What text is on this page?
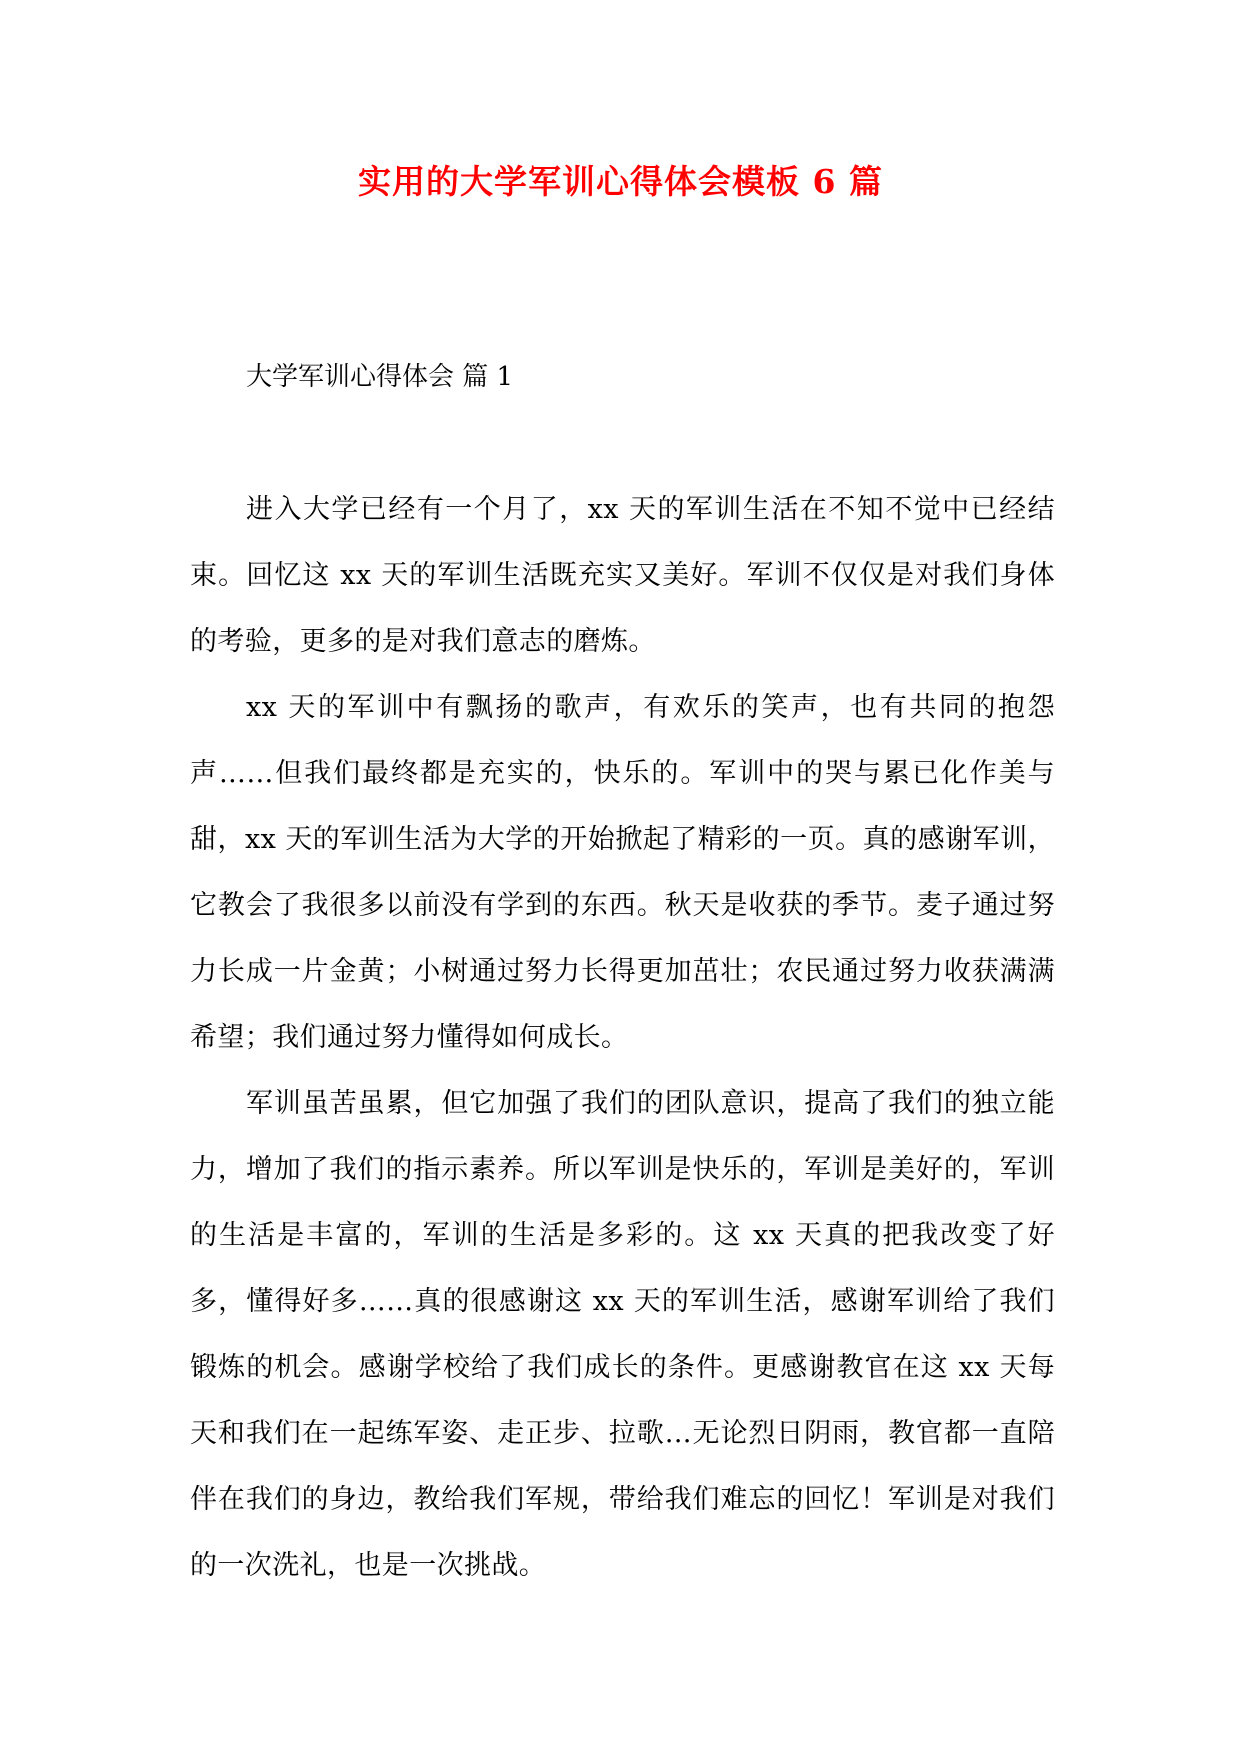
实用的大学军训心得体会模板 6 篇
大学军训心得体会 篇 1

进入大学已经有一个月了，xx 天的军训生活在不知不觉中已经结束。回忆这 xx 天的军训生活既充实又美好。军训不仅仅是对我们身体的考验，更多的是对我们意志的磨炼。

xx 天的军训中有飘扬的歌声，有欢乐的笑声，也有共同的抱怨声……但我们最终都是充实的，快乐的。军训中的哭与累已化作美与甜，xx 天的军训生活为大学的开始掀起了精彩的一页。真的感谢军训，它教会了我很多以前没有学到的东西。秋天是收获的季节。麦子通过努力长成一片金黄；小树通过努力长得更加茁壮；农民通过努力收获满满希望；我们通过努力懂得如何成长。

军训虽苦虽累，但它加强了我们的团队意识，提高了我们的独立能力，增加了我们的指示素养。所以军训是快乐的，军训是美好的，军训的生活是丰富的，军训的生活是多彩的。这 xx 天真的把我改变了好多，懂得好多……真的很感谢这 xx 天的军训生活，感谢军训给了我们锻炼的机会。感谢学校给了我们成长的条件。更感谢教官在这 xx 天每天和我们在一起练军姿、走正步、拉歌…无论烈日阴雨，教官都一直陪伴在我们的身边，教给我们军规，带给我们难忘的回忆！军训是对我们的一次洗礼，也是一次挑战。
